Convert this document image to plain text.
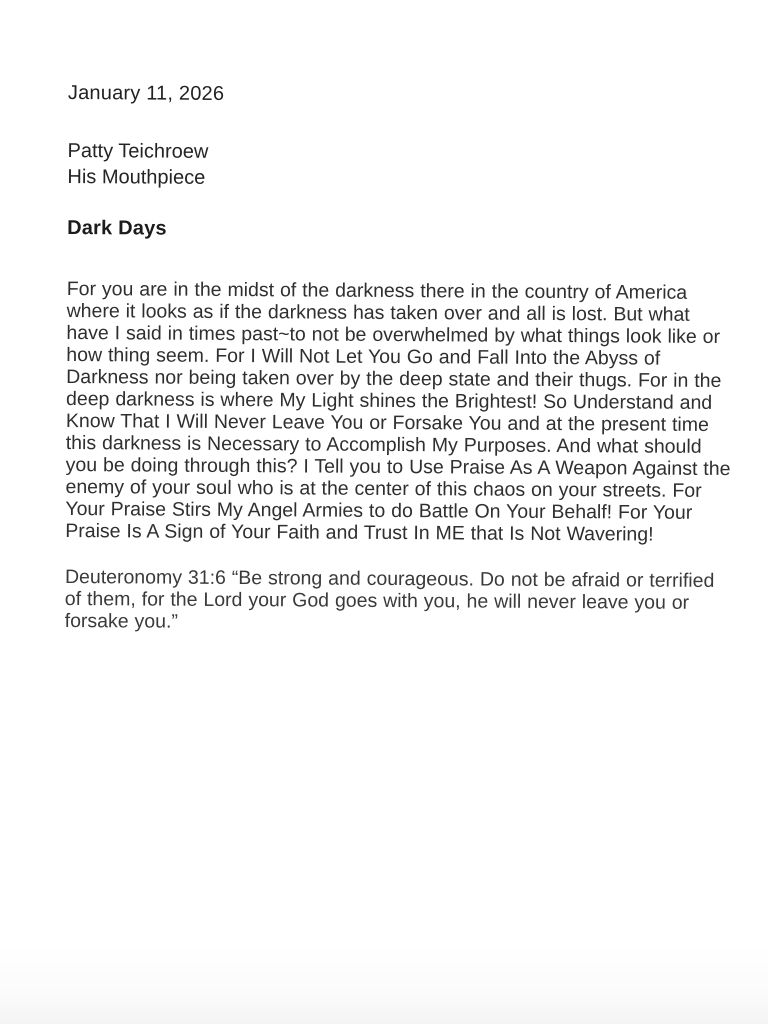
January 11, 2026
Patty Teichroew
His Mouthpiece
Dark Days

For you are in the midst of the darkness there in the country of America where it looks as if the darkness has taken over and all is lost. But what have I said in times past~to not be overwhelmed by what things look like or how thing seem. For I Will Not Let You Go and Fall Into the Abyss of Darkness nor being taken over by the deep state and their thugs. For in the deep darkness is where My Light shines the Brightest! So Understand and Know That I Will Never Leave You or Forsake You and at the present time this darkness is Necessary to Accomplish My Purposes. And what should you be doing through this? I Tell you to Use Praise As A Weapon Against the enemy of your soul who is at the center of this chaos on your streets. For Your Praise Stirs My Angel Armies to do Battle On Your Behalf! For Your Praise Is A Sign of Your Faith and Trust In ME that Is Not Wavering!

Deuteronomy 31:6 “Be strong and courageous. Do not be afraid or terrified of them, for the Lord your God goes with you, he will never leave you or forsake you.”
